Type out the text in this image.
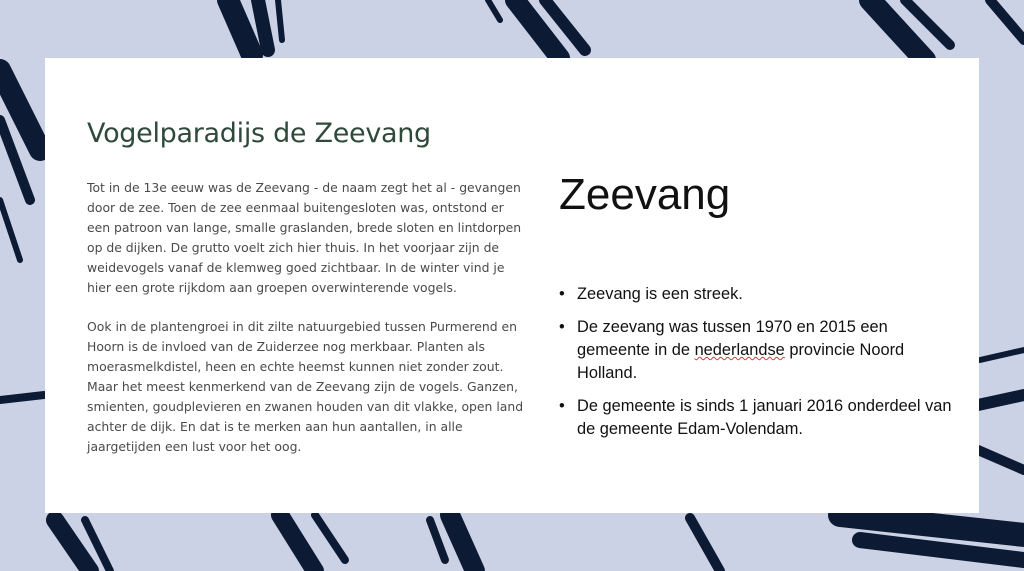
Vogelparadijs de Zeevang

Tot in de 13e eeuw was de Zeevang - de naam zegt het al - gevangen door de zee. Toen de zee eenmaal buitengesloten was, ontstond er een patroon van lange, smalle graslanden, brede sloten en lintdorpen op de dijken. De grutto voelt zich hier thuis. In het voorjaar zijn de weidevogels vanaf de klemweg goed zichtbaar. In de winter vind je hier een grote rijkdom aan groepen overwinterende vogels.

Ook in de plantengroei in dit zilte natuurgebied tussen Purmerend en Hoorn is de invloed van de Zuiderzee nog merkbaar. Planten als moerasmelkdistel, heen en echte heemst kunnen niet zonder zout. Maar het meest kenmerkend van de Zeevang zijn de vogels. Ganzen, smienten, goudplevieren en zwanen houden van dit vlakke, open land achter de dijk. En dat is te merken aan hun aantallen, in alle jaargetijden een lust voor het oog.

Zeevang
• Zeevang is een streek.
• De zeevang was tussen 1970 en 2015 een gemeente in de nederlandse provincie Noord Holland.
• De gemeente is sinds 1 januari 2016 onderdeel van de gemeente Edam-Volendam.
